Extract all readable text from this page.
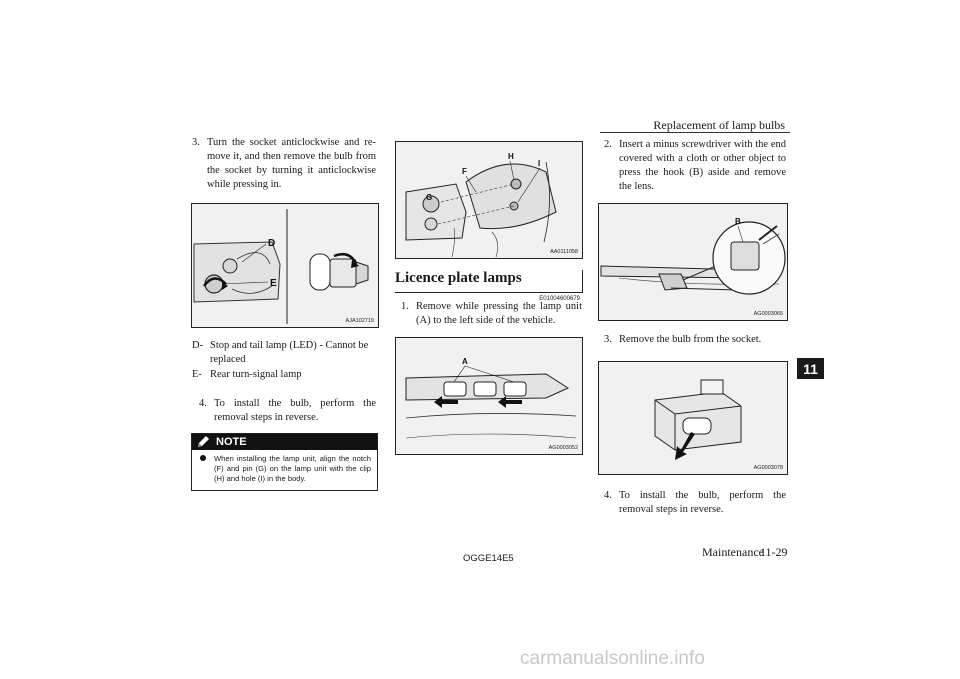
Replacement of lamp bulbs
11
3. Turn the socket anticlockwise and re-move it, and then remove the bulb from the socket by turning it anticlockwise while pressing in.
D
E
AJA102719
D- Stop and tail lamp (LED) - Cannot be replaced
E- Rear turn-signal lamp
4. To install the bulb, perform the removal steps in reverse.
NOTE
When installing the lamp unit, align the notch (F) and pin (G) on the lamp unit with the clip (H) and hole (I) in the body.
F
G
H
I
AA0111058
Licence plate lamps
E01004600679
1. Remove while pressing the lamp unit (A) to the left side of the vehicle.
A
AG0003052
2. Insert a minus screwdriver with the end covered with a cloth or other object to press the hook (B) aside and remove the lens.
B
AG0003065
3. Remove the bulb from the socket.
AG0003078
4. To install the bulb, perform the removal steps in reverse.
OGGE14E5	Maintenance
11-29
carmanualsonline.info
